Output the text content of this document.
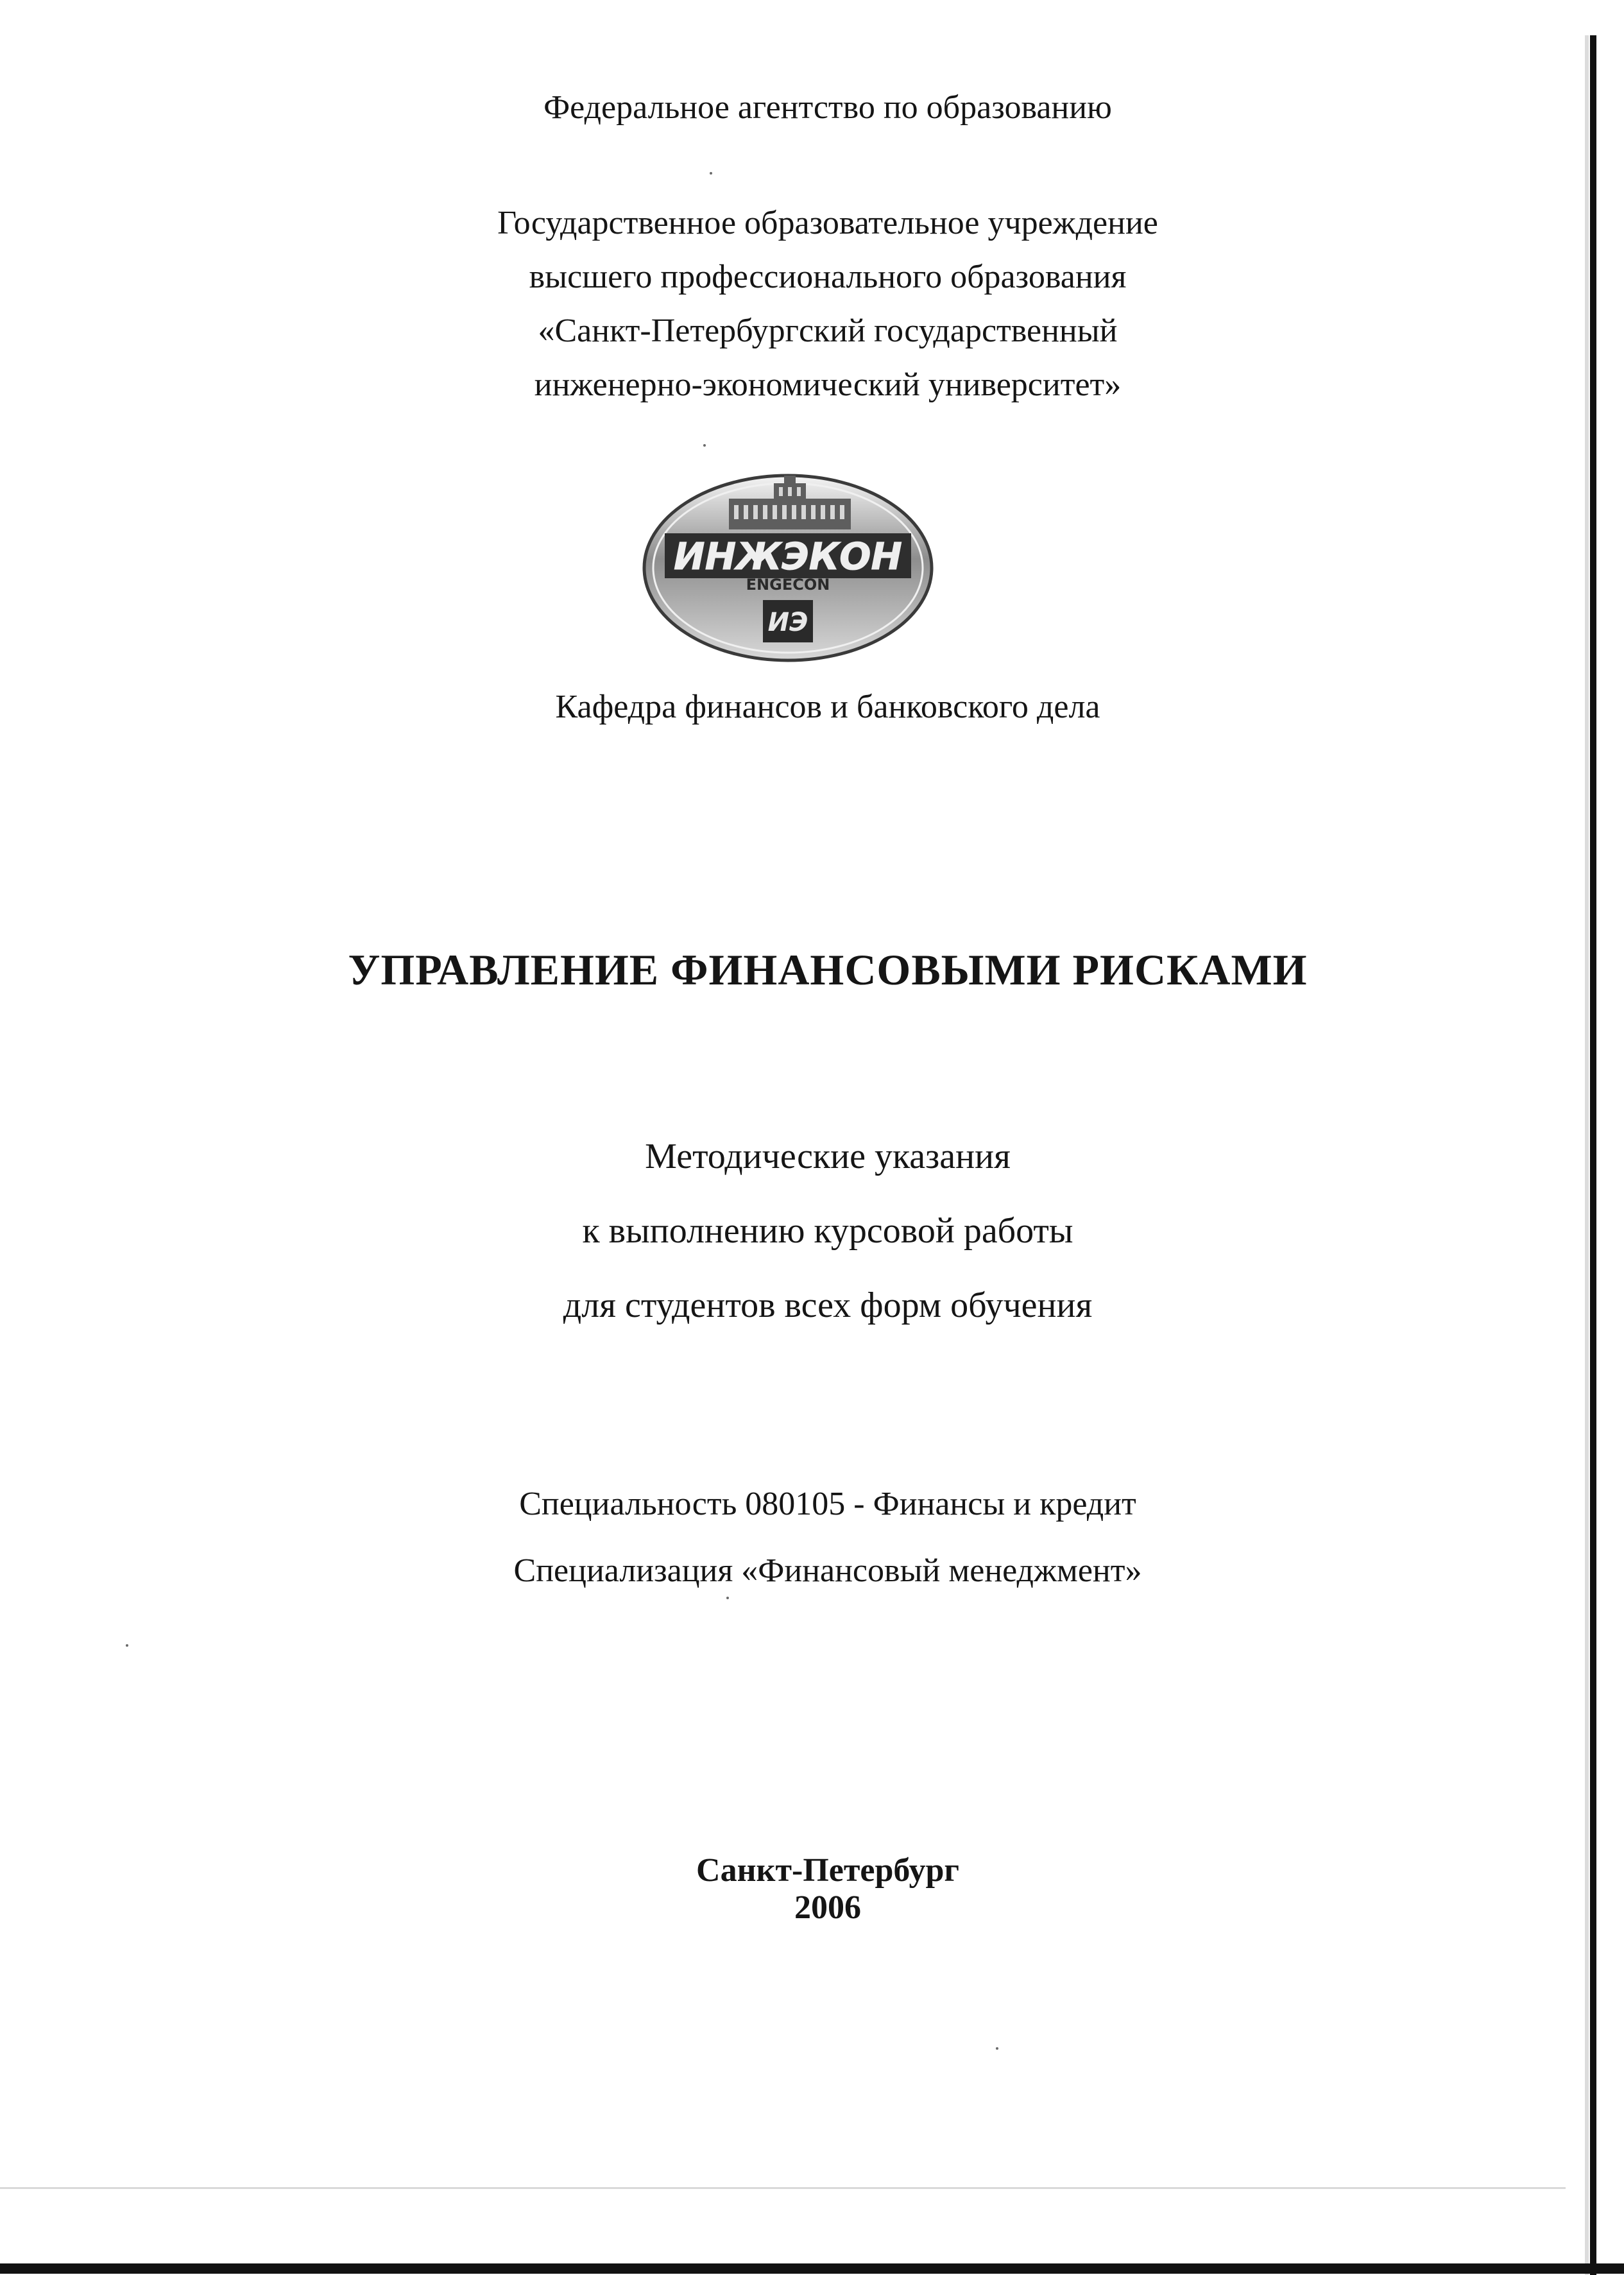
Федеральное агентство по образованию
Государственное образовательное учреждение
высшего профессионального образования
«Санкт-Петербургский государственный
инженерно-экономический университет»
ИНЖЭКОН
ENGECON
ИЭ
Кафедра финансов и банковского дела
УПРАВЛЕНИЕ ФИНАНСОВЫМИ РИСКАМИ
Методические указания
к выполнению курсовой работы
для студентов всех форм обучения
Специальность 080105 - Финансы и кредит
Специализация «Финансовый менеджмент»
Санкт-Петербург
2006
